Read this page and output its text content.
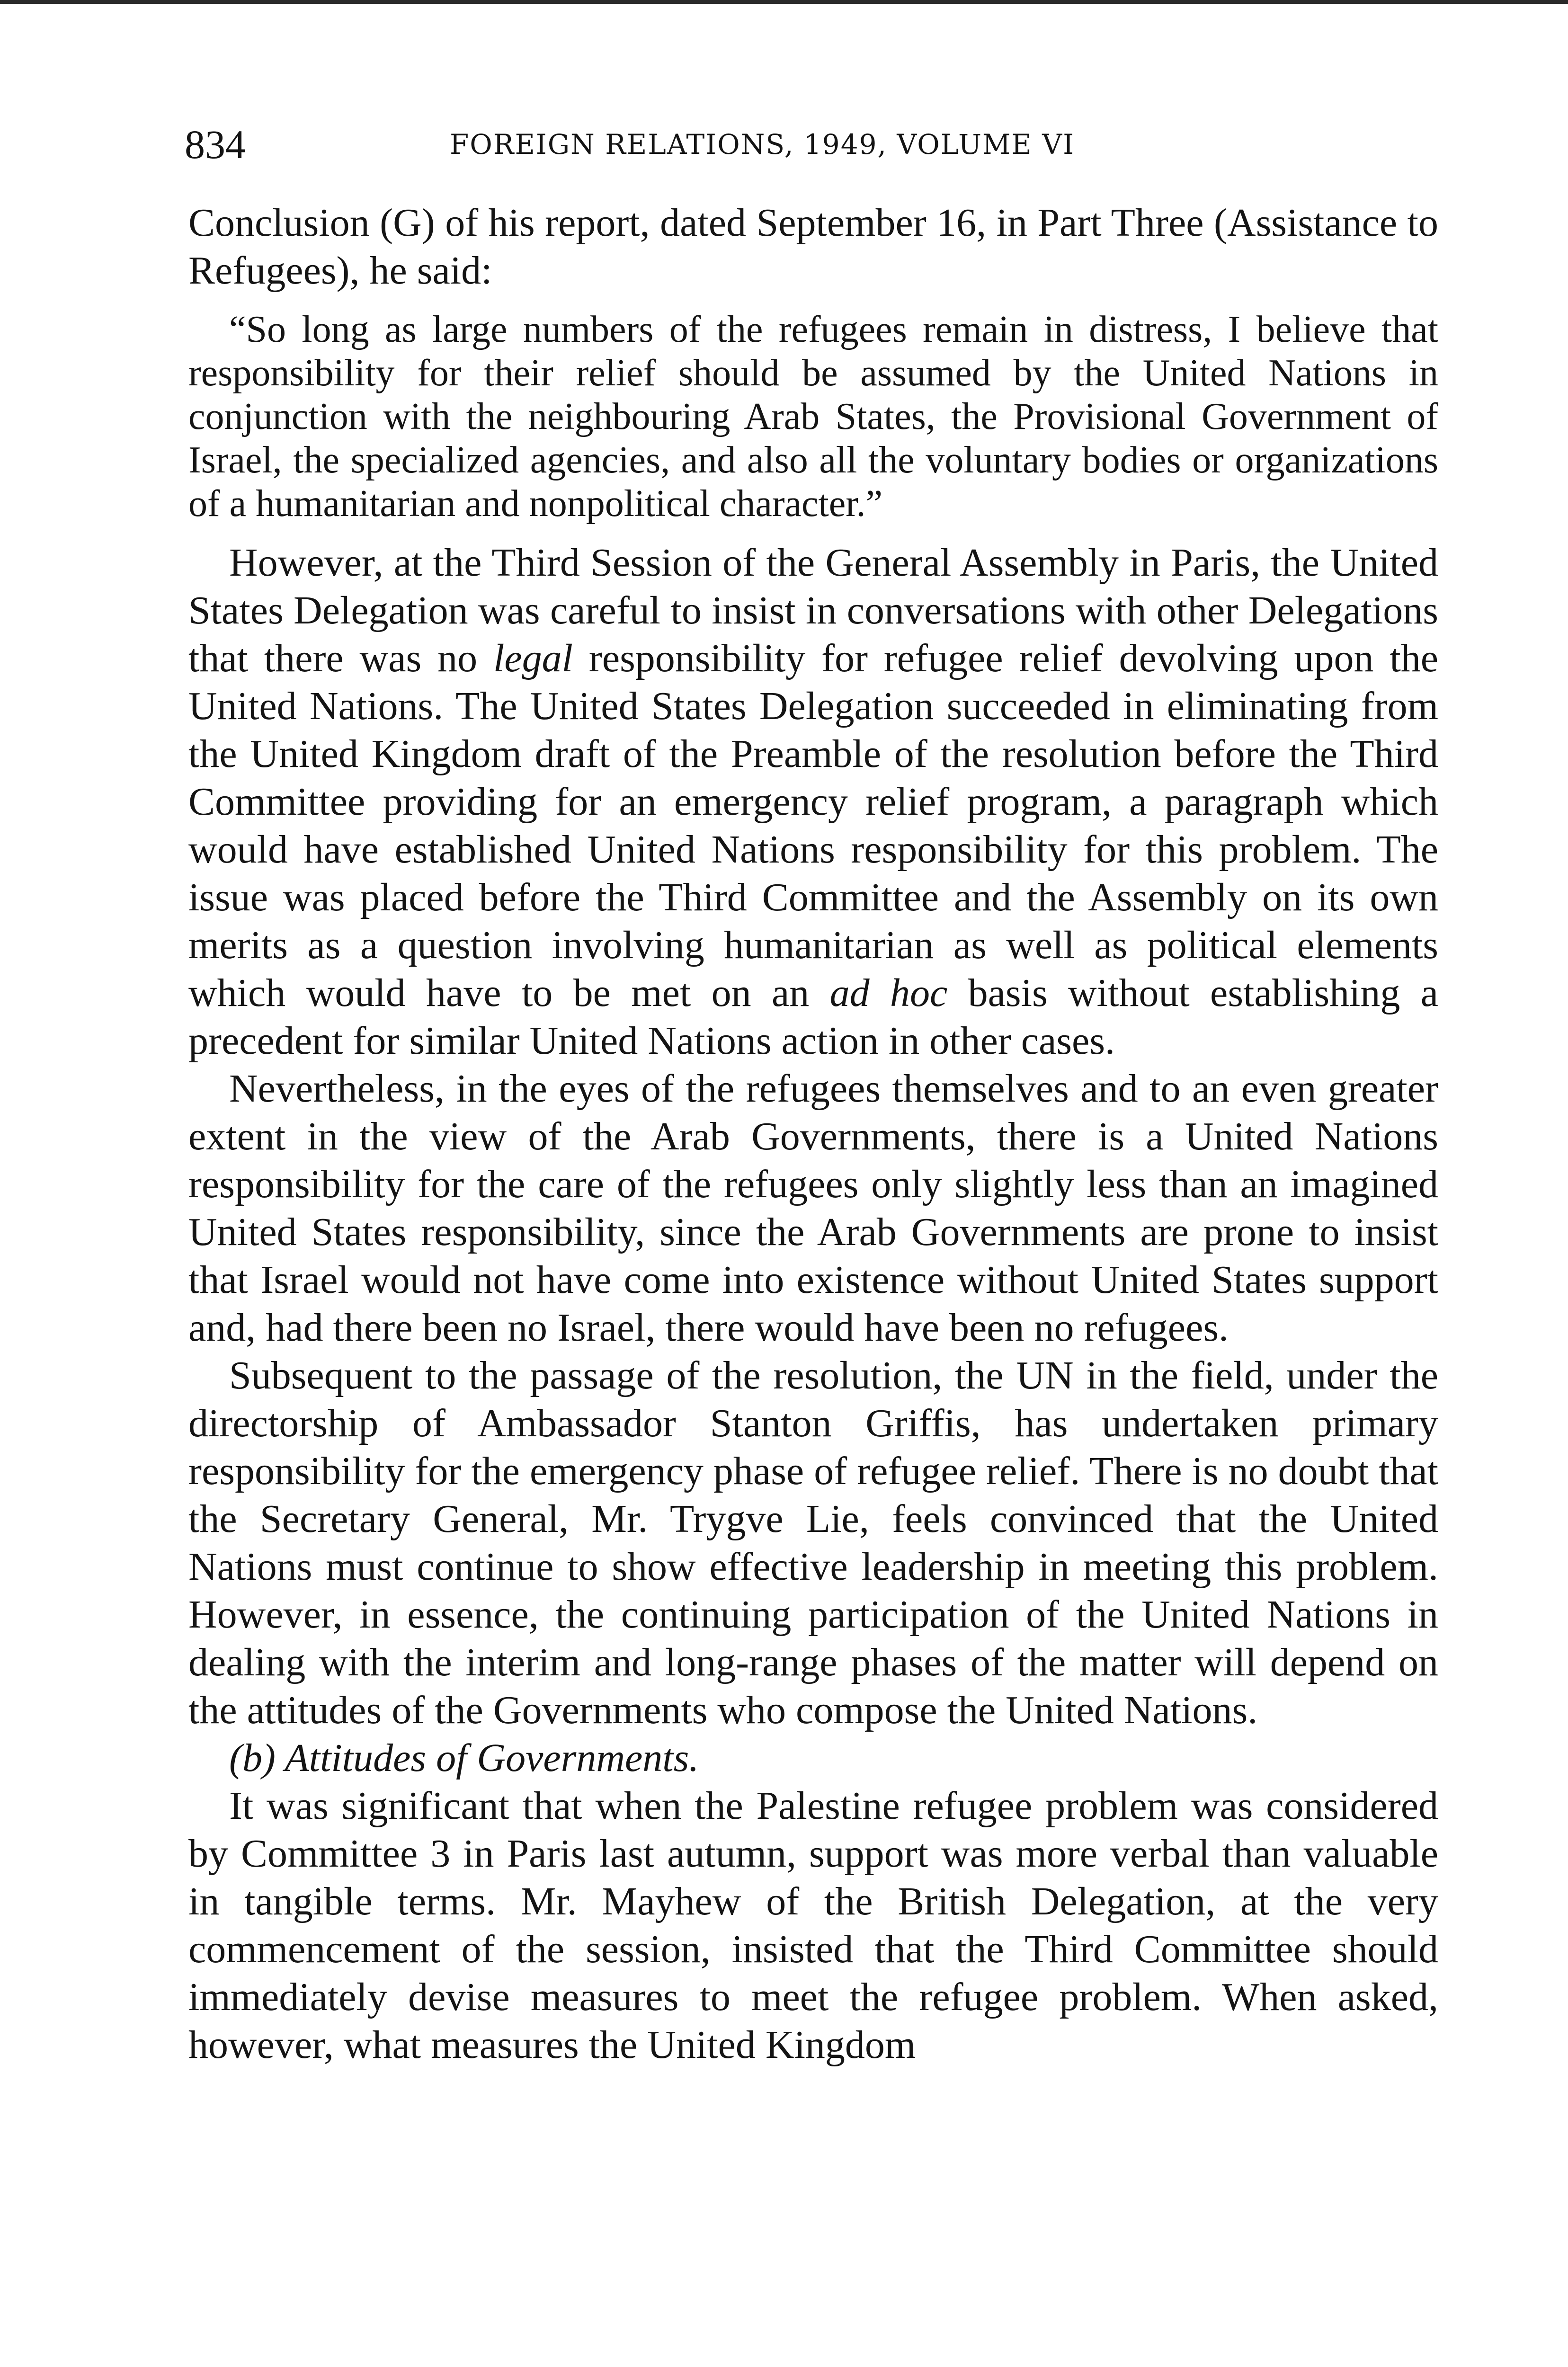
834	FOREIGN RELATIONS, 1949, VOLUME VI

Conclusion (G) of his report, dated September 16, in Part Three (Assistance to Refugees), he said:

“So long as large numbers of the refugees remain in distress, I believe that responsibility for their relief should be assumed by the United Nations in conjunction with the neighbouring Arab States, the Provisional Government of Israel, the specialized agencies, and also all the voluntary bodies or organizations of a humanitarian and nonpolitical character.”

However, at the Third Session of the General Assembly in Paris, the United States Delegation was careful to insist in conversations with other Delegations that there was no legal responsibility for refugee relief devolving upon the United Nations. The United States Delegation succeeded in eliminating from the United Kingdom draft of the Preamble of the resolution before the Third Committee providing for an emergency relief program, a paragraph which would have established United Nations responsibility for this problem. The issue was placed before the Third Committee and the Assembly on its own merits as a question involving humanitarian as well as political elements which would have to be met on an ad hoc basis without establishing a precedent for similar United Nations action in other cases.

Nevertheless, in the eyes of the refugees themselves and to an even greater extent in the view of the Arab Governments, there is a United Nations responsibility for the care of the refugees only slightly less than an imagined United States responsibility, since the Arab Governments are prone to insist that Israel would not have come into existence without United States support and, had there been no Israel, there would have been no refugees.

Subsequent to the passage of the resolution, the UN in the field, under the directorship of Ambassador Stanton Griffis, has undertaken primary responsibility for the emergency phase of refugee relief. There is no doubt that the Secretary General, Mr. Trygve Lie, feels convinced that the United Nations must continue to show effective leadership in meeting this problem. However, in essence, the continuing participation of the United Nations in dealing with the interim and long-range phases of the matter will depend on the attitudes of the Governments who compose the United Nations.

(b) Attitudes of Governments.

It was significant that when the Palestine refugee problem was considered by Committee 3 in Paris last autumn, support was more verbal than valuable in tangible terms. Mr. Mayhew of the British Delegation, at the very commencement of the session, insisted that the Third Committee should immediately devise measures to meet the refugee problem. When asked, however, what measures the United Kingdom
